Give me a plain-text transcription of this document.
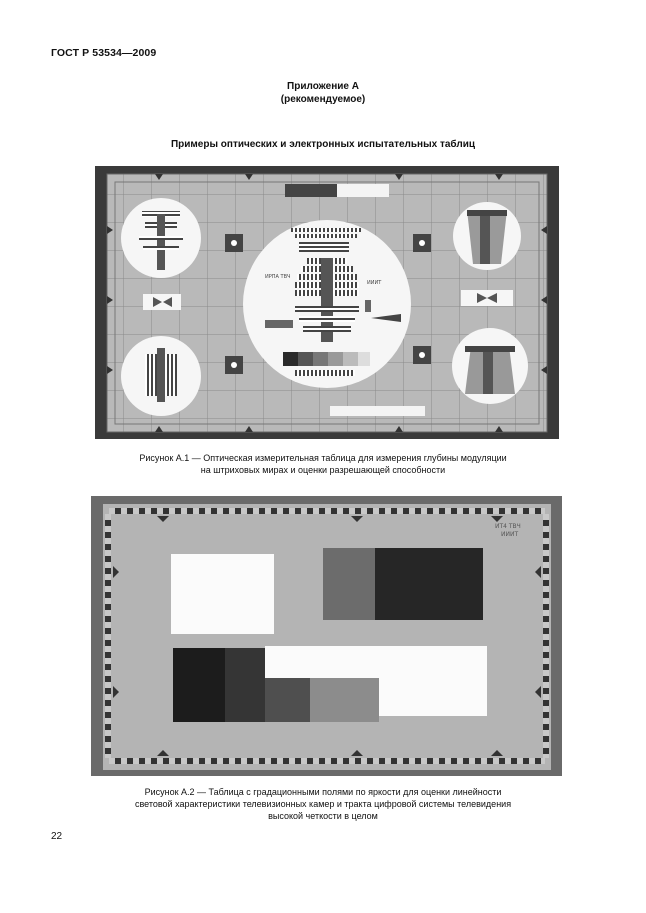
ГОСТ Р 53534—2009
Приложение А
(рекомендуемое)
Примеры оптических и электронных испытательных таблиц
ИРПА ТВЧ
ИИИТ
Рисунок А.1 — Оптическая измерительная таблица для измерения глубины модуляции
на штриховых мирах и оценки разрешающей способности
ИТ4 ТВЧ
ИИИТ
Рисунок А.2 — Таблица с градационными полями по яркости для оценки линейности
световой характеристики телевизионных камер и тракта цифровой системы телевидения
высокой четкости в целом
22
